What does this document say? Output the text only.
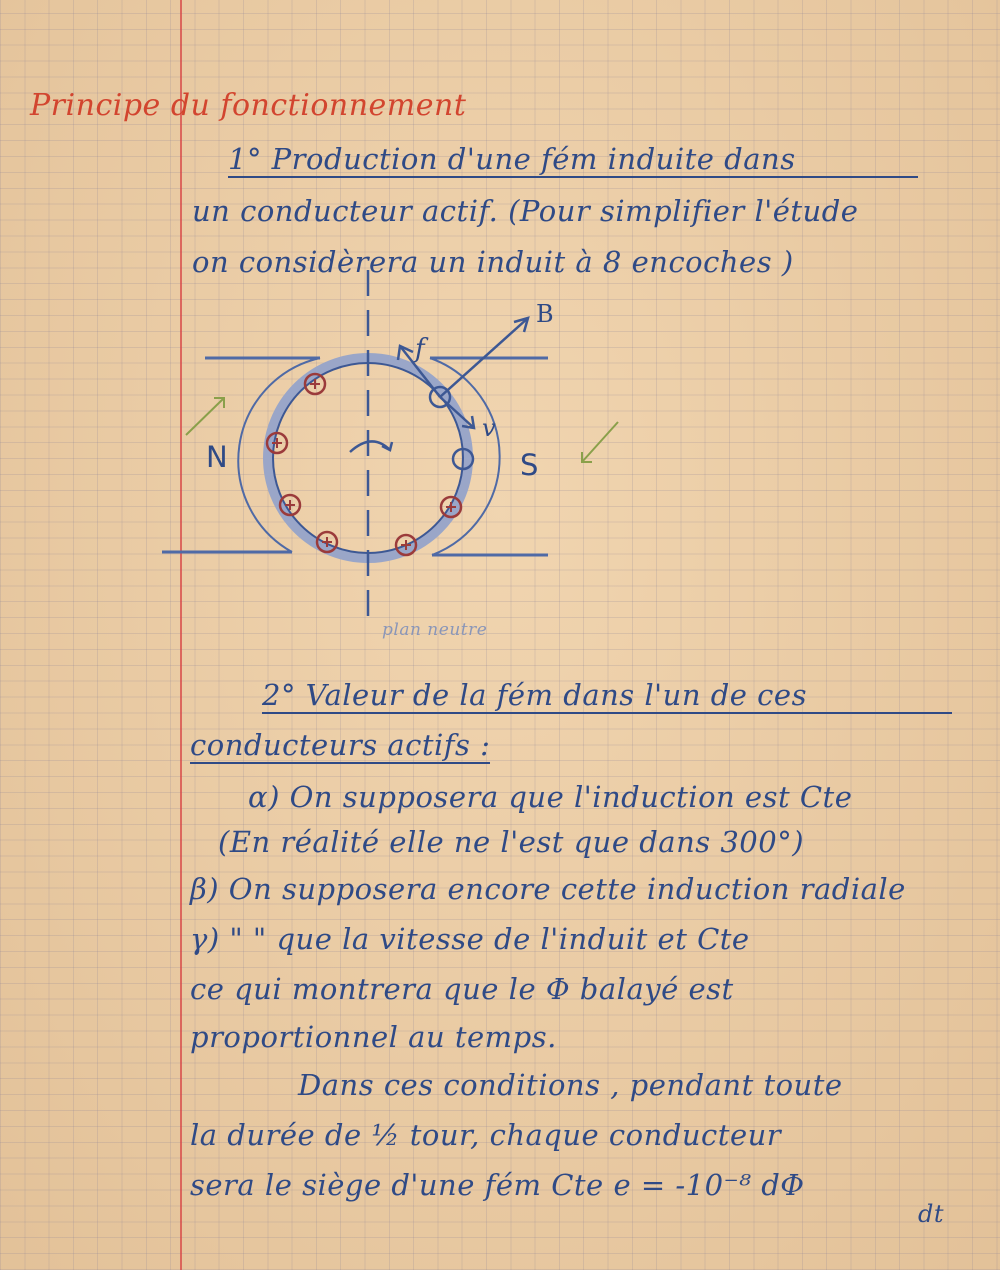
Principe du fonctionnement
1° Production d'une fém induite dans
un conducteur actif. (Pour simplifier l'étude
on considèrera un induit à 8 encoches )
B
f
v
N	S
plan neutre
2° Valeur de la fém dans l'un de ces
conducteurs actifs :
α) On supposera que l'induction est Cte
(En réalité elle ne l'est que dans 300°)
β) On supposera encore cette induction radiale
γ) " " que la vitesse de l'induit et Cte
ce qui montrera que le Φ balayé est
proportionnel au temps.
Dans ces conditions , pendant toute
la durée de ½ tour, chaque conducteur
sera le siège d'une fém Cte e = -10⁻⁸ dΦ
dt
